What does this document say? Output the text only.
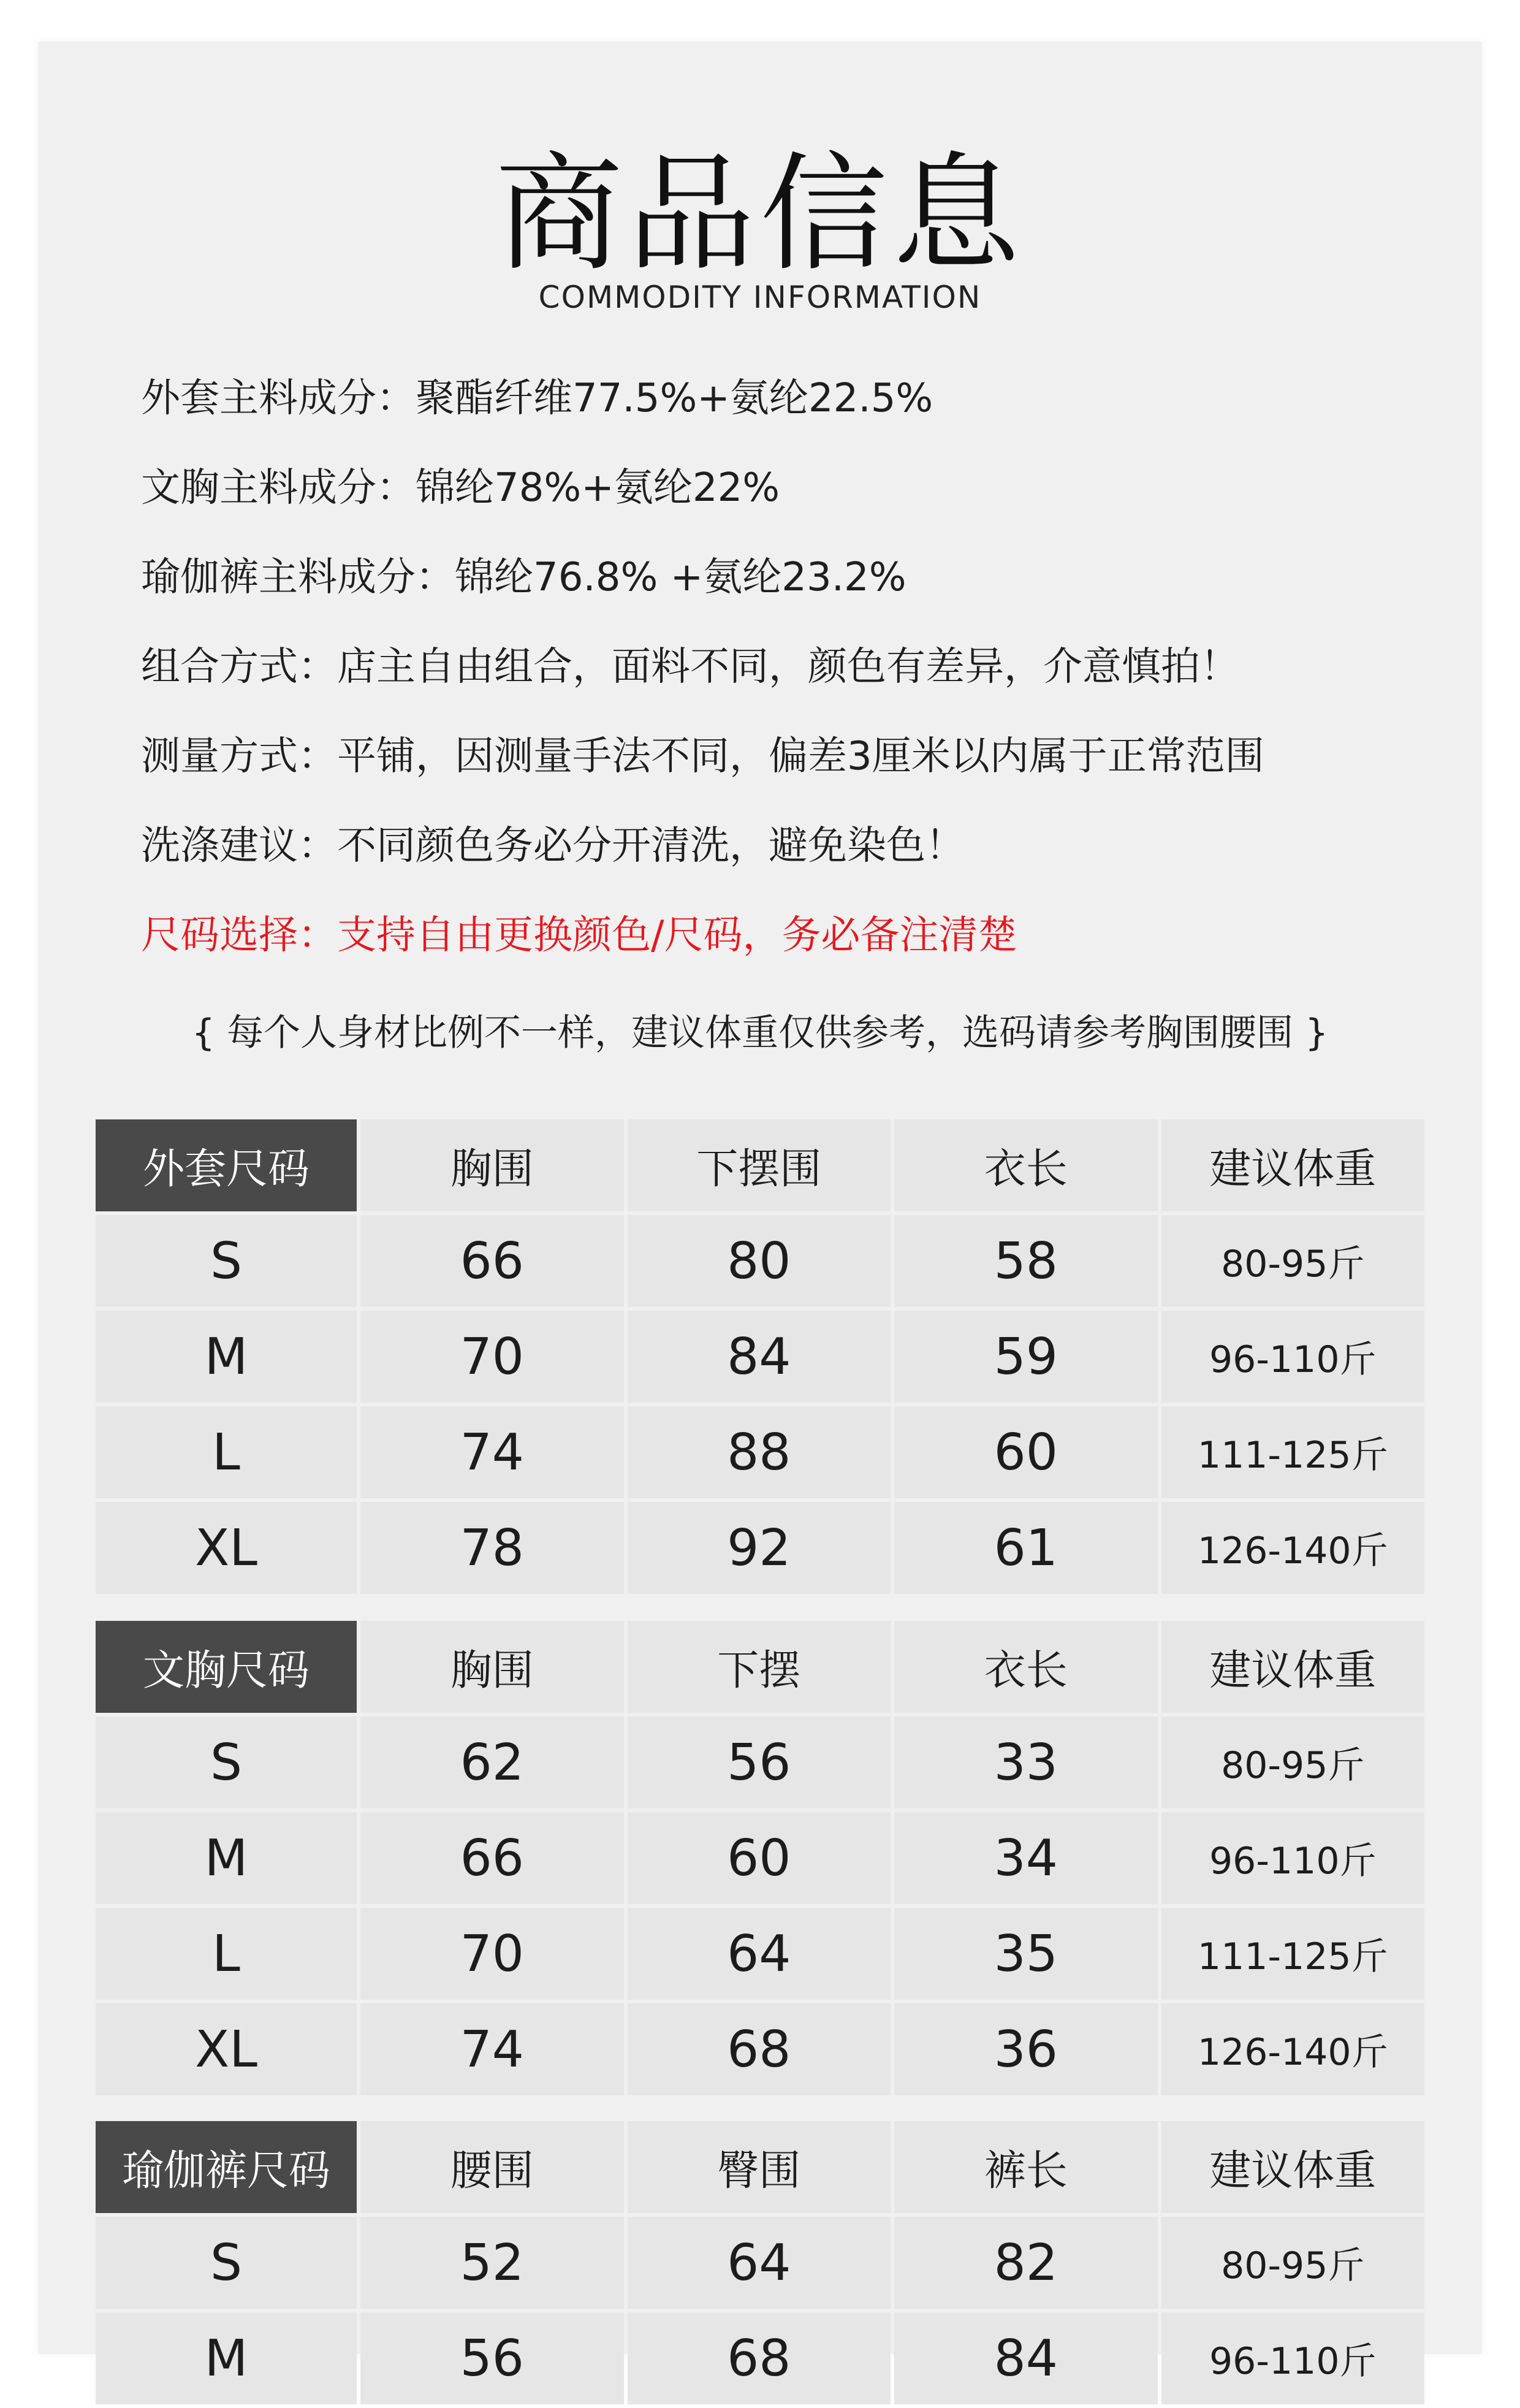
商品信息
COMMODITY INFORMATION
外套主料成分：聚酯纤维77.5%+氨纶22.5%
文胸主料成分：锦纶78%+氨纶22%
瑜伽裤主料成分：锦纶76.8% +氨纶23.2%
组合方式：店主自由组合，面料不同，颜色有差异，介意慎拍！
测量方式：平铺，因测量手法不同，偏差3厘米以内属于正常范围
洗涤建议：不同颜色务必分开清洗，避免染色！
尺码选择：支持自由更换颜色/尺码，务必备注清楚
{ 每个人身材比例不一样，建议体重仅供参考，选码请参考胸围腰围 }
外套尺码	胸围	下摆围	衣长	建议体重
S	66	80	58	80-95斤
M	70	84	59	96-110斤
L	74	88	60	111-125斤
XL	78	92	61	126-140斤
文胸尺码	胸围	下摆	衣长	建议体重
S	62	56	33	80-95斤
M	66	60	34	96-110斤
L	70	64	35	111-125斤
XL	74	68	36	126-140斤
瑜伽裤尺码	腰围	臀围	裤长	建议体重
S	52	64	82	80-95斤
M	56	68	84	96-110斤
